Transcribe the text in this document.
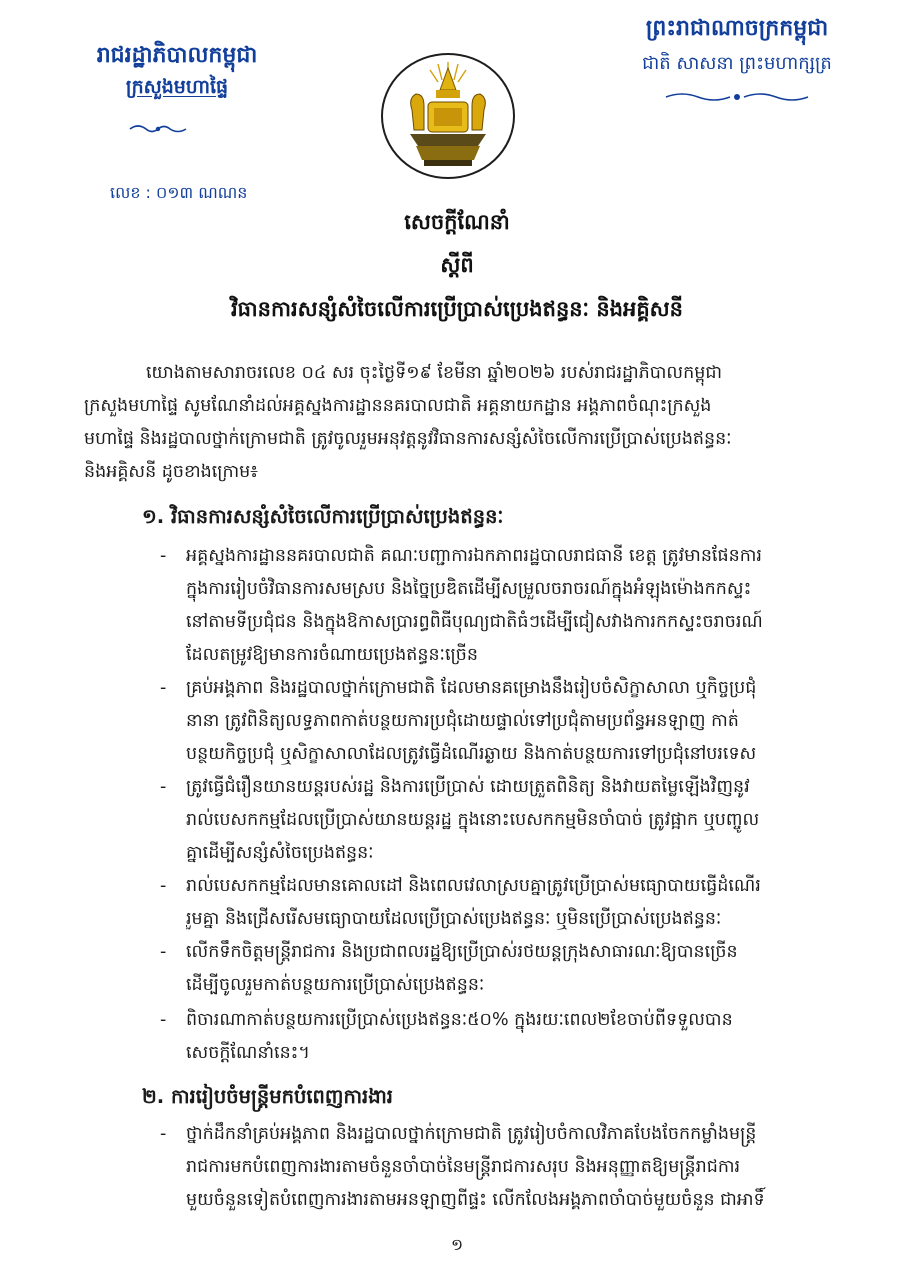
រាជរដ្ឋាភិបាលកម្ពុជា
ក្រសួងមហាផ្ទៃ
លេខ : ០១៣ ណណន
ព្រះរាជាណាចក្រកម្ពុជា
ជាតិ សាសនា ព្រះមហាក្សត្រ
សេចក្តីណែនាំ
ស្តីពី
វិធានការសន្សំសំចៃលើការប្រើប្រាស់ប្រេងឥន្ធនៈ និងអគ្គិសនី
យោងតាមសារាចរលេខ ០៤ សរ ចុះថ្ងៃទី១៩ ខែមីនា ឆ្នាំ២០២៦ របស់រាជរដ្ឋាភិបាលកម្ពុជា
ក្រសួងមហាផ្ទៃ សូមណែនាំដល់អគ្គស្នងការដ្ឋាននគរបាលជាតិ អគ្គនាយកដ្ឋាន អង្គភាពចំណុះក្រសួង
មហាផ្ទៃ និងរដ្ឋបាលថ្នាក់ក្រោមជាតិ ត្រូវចូលរួមអនុវត្តនូវវិធានការសន្សំសំចៃលើការប្រើប្រាស់ប្រេងឥន្ធនៈ
និងអគ្គិសនី ដូចខាងក្រោម៖
១. វិធានការសន្សំសំចៃលើការប្រើប្រាស់ប្រេងឥន្ធនៈ
- អគ្គស្នងការដ្ឋាននគរបាលជាតិ គណៈបញ្ជាការឯកភាពរដ្ឋបាលរាជធានី ខេត្ត ត្រូវមានផែនការ
ក្នុងការរៀបចំវិធានការសមស្រប និងច្នៃប្រឌិតដើម្បីសម្រួលចរាចរណ៍ក្នុងអំឡុងម៉ោងកកស្ទះ
នៅតាមទីប្រជុំជន និងក្នុងឱកាសប្រារព្ធពិធីបុណ្យជាតិធំៗដើម្បីជៀសវាងការកកស្ទះចរាចរណ៍
ដែលតម្រូវឱ្យមានការចំណាយប្រេងឥន្ធនៈច្រើន
- គ្រប់អង្គភាព និងរដ្ឋបាលថ្នាក់ក្រោមជាតិ ដែលមានគម្រោងនឹងរៀបចំសិក្ខាសាលា ឬកិច្ចប្រជុំ
នានា ត្រូវពិនិត្យលទ្ធភាពកាត់បន្ថយការប្រជុំដោយផ្ទាល់ទៅប្រជុំតាមប្រព័ន្ធអនឡាញ កាត់
បន្ថយកិច្ចប្រជុំ ឬសិក្ខាសាលាដែលត្រូវធ្វើដំណើរឆ្ងាយ និងកាត់បន្ថយការទៅប្រជុំនៅបរទេស
- ត្រូវធ្វើជំរឿនយានយន្តរបស់រដ្ឋ និងការប្រើប្រាស់ ដោយត្រួតពិនិត្យ និងវាយតម្លៃឡើងវិញនូវ
រាល់បេសកកម្មដែលប្រើប្រាស់យានយន្តរដ្ឋ ក្នុងនោះបេសកកម្មមិនចាំបាច់ ត្រូវផ្អាក ឬបញ្ចូល
គ្នាដើម្បីសន្សំសំចៃប្រេងឥន្ធនៈ
- រាល់បេសកកម្មដែលមានគោលដៅ និងពេលវេលាស្របគ្នាត្រូវប្រើប្រាស់មធ្យោបាយធ្វើដំណើរ
រួមគ្នា និងជ្រើសរើសមធ្យោបាយដែលប្រើប្រាស់ប្រេងឥន្ធនៈ ឬមិនប្រើប្រាស់ប្រេងឥន្ធនៈ
- លើកទឹកចិត្តមន្ត្រីរាជការ និងប្រជាពលរដ្ឋឱ្យប្រើប្រាស់រថយន្តក្រុងសាធារណៈឱ្យបានច្រើន
ដើម្បីចូលរួមកាត់បន្ថយការប្រើប្រាស់ប្រេងឥន្ធនៈ
- ពិចារណាកាត់បន្ថយការប្រើប្រាស់ប្រេងឥន្ធនៈ៥០% ក្នុងរយៈពេល២ខែចាប់ពីទទួលបាន
សេចក្តីណែនាំនេះ។
២. ការរៀបចំមន្ត្រីមកបំពេញការងារ
- ថ្នាក់ដឹកនាំគ្រប់អង្គភាព និងរដ្ឋបាលថ្នាក់ក្រោមជាតិ ត្រូវរៀបចំកាលវិភាគបែងចែកកម្លាំងមន្ត្រី
រាជការមកបំពេញការងារតាមចំនួនចាំបាច់នៃមន្ត្រីរាជការសរុប និងអនុញ្ញាតឱ្យមន្ត្រីរាជការ
មួយចំនួនទៀតបំពេញការងារតាមអនឡាញពីផ្ទះ លើកលែងអង្គភាពចាំបាច់មួយចំនួន ជាអាទិ៍
១
